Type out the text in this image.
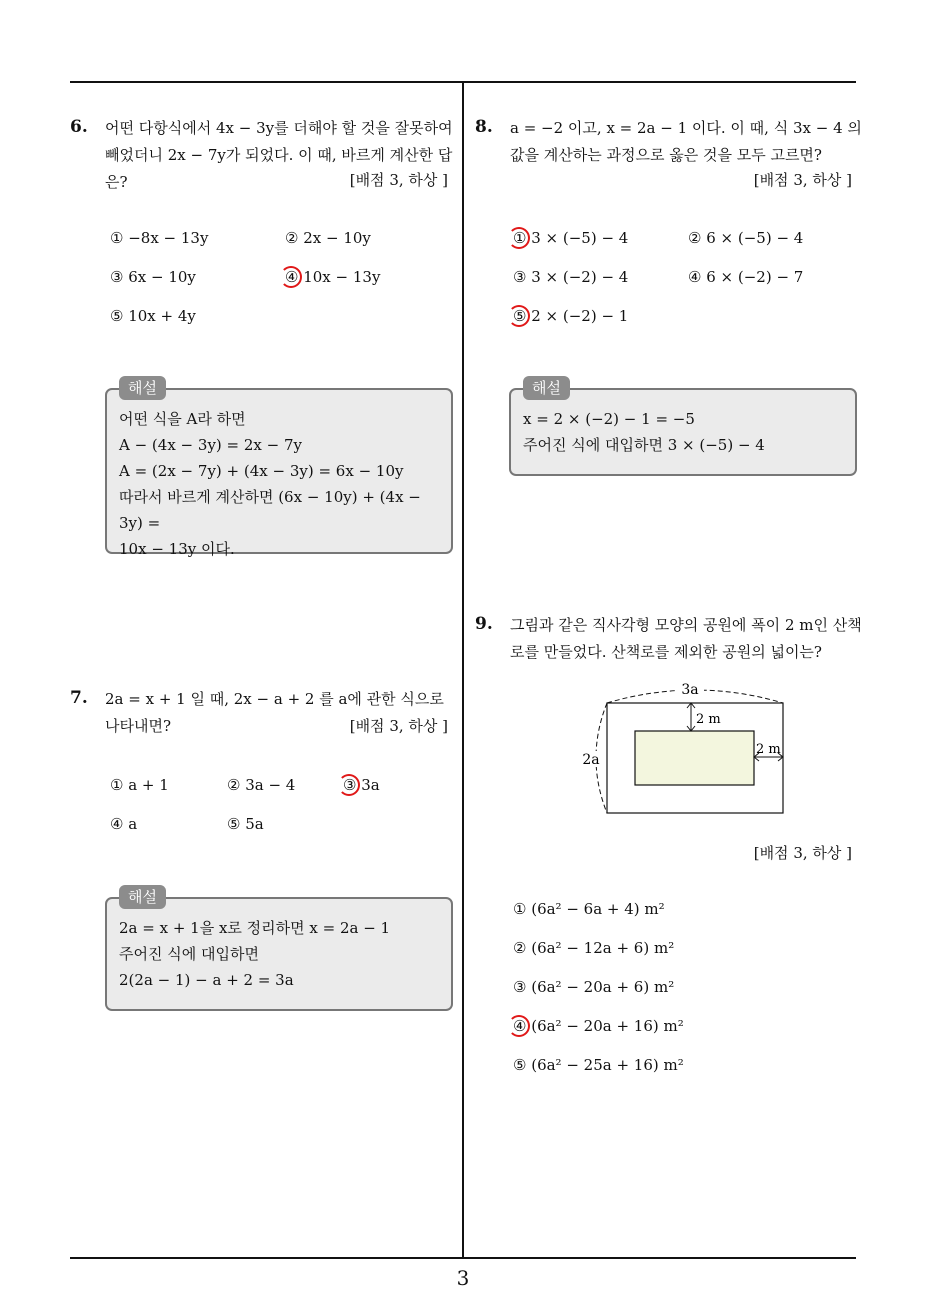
3
6. 어떤 다항식에서 4x − 3y를 더해야 할 것을 잘못하여
빼었더니 2x − 7y가 되었다. 이 때, 바르게 계산한 답
은?	[배점 3, 하상 ]
① −8x − 13y	② 2x − 10y
③ 6x − 10y	④ 10x − 13y
⑤ 10x + 4y
해설
어떤 식을 A라 하면
A − (4x − 3y) = 2x − 7y
A = (2x − 7y) + (4x − 3y) = 6x − 10y
따라서 바르게 계산하면 (6x − 10y) + (4x − 3y) =
10x − 13y 이다.
7. 2a = x + 1 일 때, 2x − a + 2 를 a에 관한 식으로
나타내면?	[배점 3, 하상 ]
① a + 1	② 3a − 4	③ 3a
④ a	⑤ 5a
해설
2a = x + 1을 x로 정리하면 x = 2a − 1
주어진 식에 대입하면
2(2a − 1) − a + 2 = 3a
8. a = −2 이고, x = 2a − 1 이다. 이 때, 식 3x − 4 의
값을 계산하는 과정으로 옳은 것을 모두 고르면?
[배점 3, 하상 ]
① 3 × (−5) − 4	② 6 × (−5) − 4
③ 3 × (−2) − 4	④ 6 × (−2) − 7
⑤ 2 × (−2) − 1
해설
x = 2 × (−2) − 1 = −5
주어진 식에 대입하면 3 × (−5) − 4
9. 그림과 같은 직사각형 모양의 공원에 폭이 2 m인 산책
로를 만들었다. 산책로를 제외한 공원의 넓이는?
3a
2a
2 m
2 m
[배점 3, 하상 ]
① (6a² − 6a + 4) m²
② (6a² − 12a + 6) m²
③ (6a² − 20a + 6) m²
④ (6a² − 20a + 16) m²
⑤ (6a² − 25a + 16) m²
